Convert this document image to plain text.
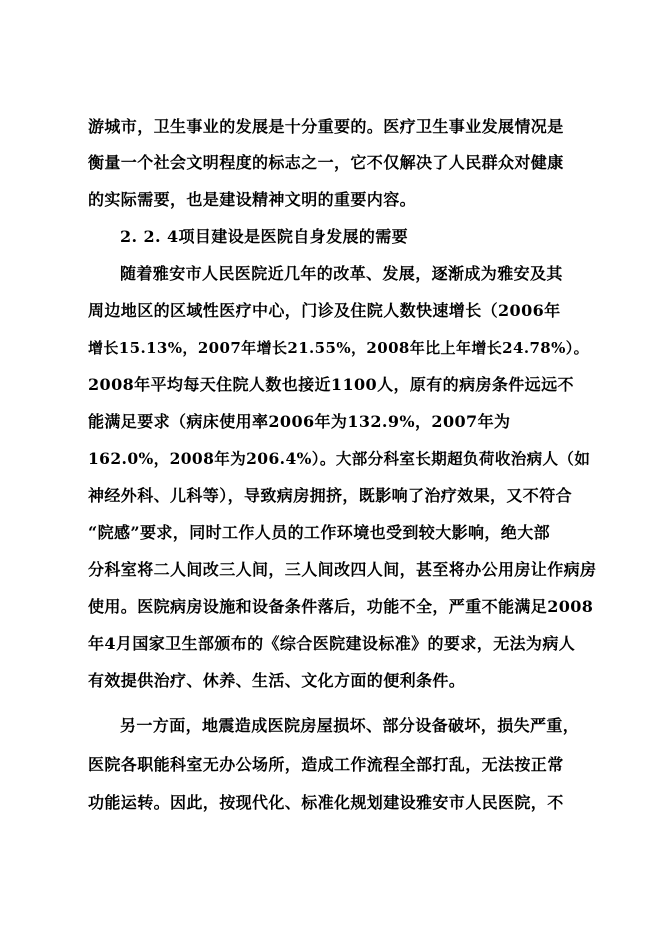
游城市，卫生事业的发展是十分重要的。医疗卫生事业发展情况是
衡量一个社会文明程度的标志之一，它不仅解决了人民群众对健康
的实际需要，也是建设精神文明的重要内容。
2. 2. 4项目建设是医院自身发展的需要
随着雅安市人民医院近几年的改革、发展，逐渐成为雅安及其
周边地区的区域性医疗中心，门诊及住院人数快速增长（2006年
增长15.13%，2007年增长21.55%，2008年比上年增长24.78%）。
2008年平均每天住院人数也接近1100人，原有的病房条件远远不
能满足要求（病床使用率2006年为132.9%，2007年为
162.0%，2008年为206.4%）。大部分科室长期超负荷收治病人（如
神经外科、儿科等），导致病房拥挤，既影响了治疗效果，又不符合
“院感”要求，同时工作人员的工作环境也受到较大影响，绝大部
分科室将二人间改三人间，三人间改四人间，甚至将办公用房让作病房
使用。医院病房设施和设备条件落后，功能不全，严重不能满足2008
年4月国家卫生部颁布的《综合医院建设标准》的要求，无法为病人
有效提供治疗、休养、生活、文化方面的便利条件。
另一方面，地震造成医院房屋损坏、部分设备破坏，损失严重，
医院各职能科室无办公场所，造成工作流程全部打乱，无法按正常
功能运转。因此，按现代化、标准化规划建设雅安市人民医院，不
